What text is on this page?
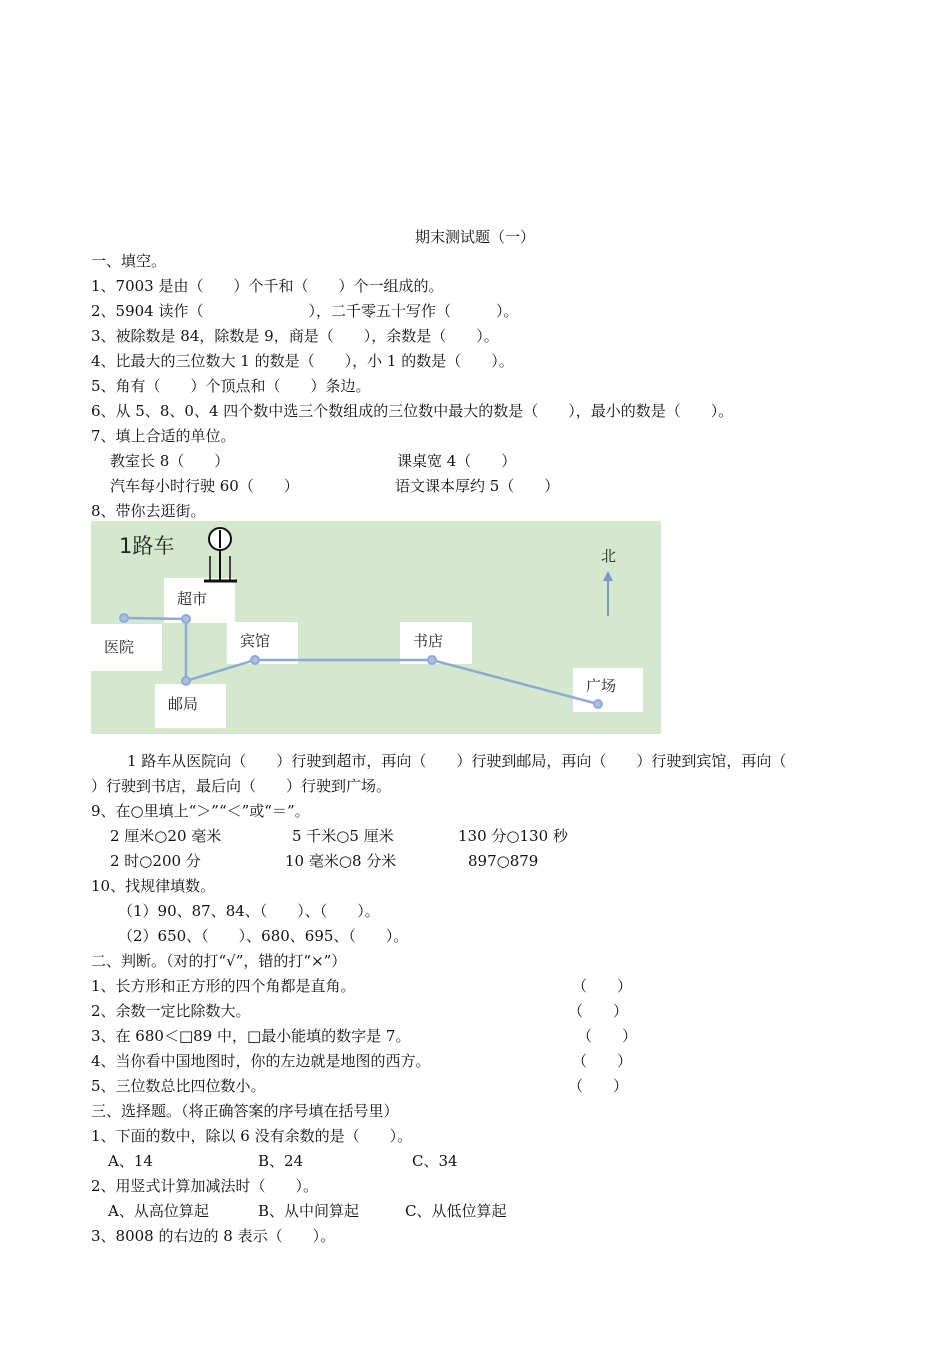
期末测试题（一）
一、填空。
1、7003 是由（　　）个千和（　　）个一组成的。
2、5904 读作（　　　　　　　），二千零五十写作（　　　）。
3、被除数是 84，除数是 9，商是（　　），余数是（　　）。
4、比最大的三位数大 1 的数是（　　），小 1 的数是（　　）。
5、角有（　　）个顶点和（　　）条边。
6、从 5、8、0、4 四个数中选三个数组成的三位数中最大的数是（　　），最小的数是（　　）。
7、填上合适的单位。
教室长 8（　　）	课桌宽 4（　　）
汽车每小时行驶 60（　　）	语文课本厚约 5（　　）
8、带你去逛街。
1路车	北
超市
医院	宾馆	书店
邮局
广场
1 路车从医院向（　　）行驶到超市，再向（　　）行驶到邮局，再向（　　）行驶到宾馆，再向（
）行驶到书店，最后向（　　）行驶到广场。
9、在○里填上“＞”“＜”或“＝”。
2 厘米○20 毫米	5 千米○5 厘米	130 分○130 秒
2 时○200 分	10 毫米○8 分米	897○879
10、找规律填数。
（1）90、87、84、（　　）、（　　）。
（2）650、（　　）、680、695、（　　）。
二、判断。（对的打“√”，错的打“×”）
1、长方形和正方形的四个角都是直角。	（　　）
2、余数一定比除数大。	（　　）
3、在 680＜□89 中，□最小能填的数字是 7。	（　　）
4、当你看中国地图时，你的左边就是地图的西方。	（　　）
5、三位数总比四位数小。	（　　）
三、选择题。（将正确答案的序号填在括号里）
1、下面的数中，除以 6 没有余数的是（　　）。
A、14	B、24	C、34
2、用竖式计算加减法时（　　）。
A、从高位算起	B、从中间算起	C、从低位算起
3、8008 的右边的 8 表示（　　）。
